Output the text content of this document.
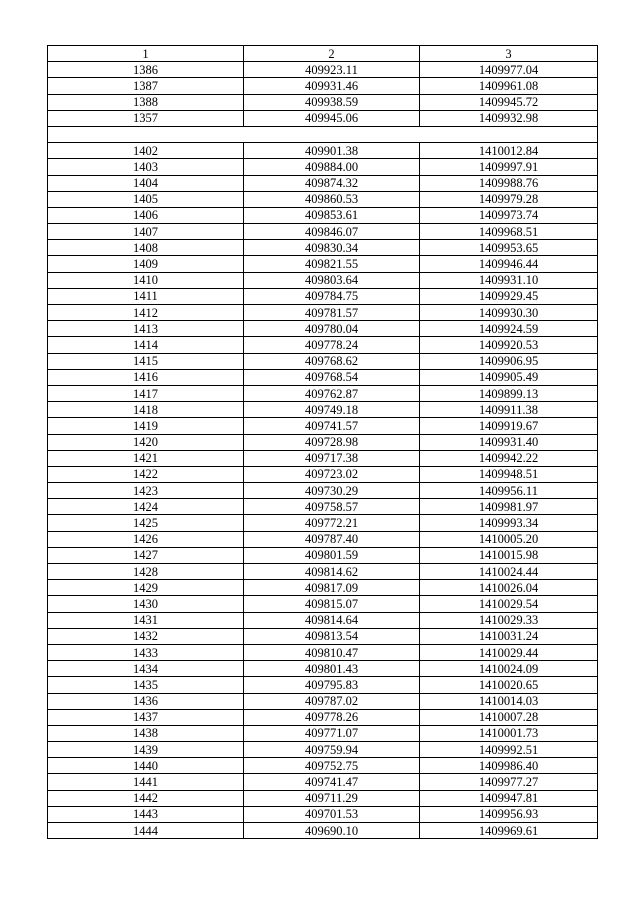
1	2	3
1386	409923.11	1409977.04
1387	409931.46	1409961.08
1388	409938.59	1409945.72
1357	409945.06	1409932.98

1402	409901.38	1410012.84
1403	409884.00	1409997.91
1404	409874.32	1409988.76
1405	409860.53	1409979.28
1406	409853.61	1409973.74
1407	409846.07	1409968.51
1408	409830.34	1409953.65
1409	409821.55	1409946.44
1410	409803.64	1409931.10
1411	409784.75	1409929.45
1412	409781.57	1409930.30
1413	409780.04	1409924.59
1414	409778.24	1409920.53
1415	409768.62	1409906.95
1416	409768.54	1409905.49
1417	409762.87	1409899.13
1418	409749.18	1409911.38
1419	409741.57	1409919.67
1420	409728.98	1409931.40
1421	409717.38	1409942.22
1422	409723.02	1409948.51
1423	409730.29	1409956.11
1424	409758.57	1409981.97
1425	409772.21	1409993.34
1426	409787.40	1410005.20
1427	409801.59	1410015.98
1428	409814.62	1410024.44
1429	409817.09	1410026.04
1430	409815.07	1410029.54
1431	409814.64	1410029.33
1432	409813.54	1410031.24
1433	409810.47	1410029.44
1434	409801.43	1410024.09
1435	409795.83	1410020.65
1436	409787.02	1410014.03
1437	409778.26	1410007.28
1438	409771.07	1410001.73
1439	409759.94	1409992.51
1440	409752.75	1409986.40
1441	409741.47	1409977.27
1442	409711.29	1409947.81
1443	409701.53	1409956.93
1444	409690.10	1409969.61
